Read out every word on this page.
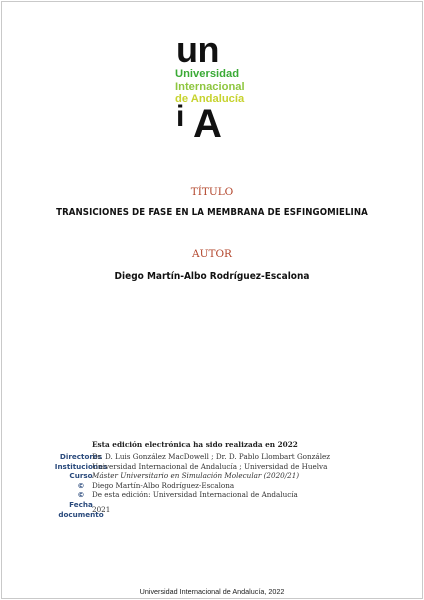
un
Universidad
Internacional
de Andalucía
i A
TÍTULO
TRANSICIONES DE FASE EN LA MEMBRANA DE ESFINGOMIELINA
AUTOR
Diego Martín-Albo Rodríguez-Escalona
Esta edición electrónica ha sido realizada en 2022
Directores
Instituciones
Curso
©
©
Fecha
documento
Dr. D. Luis González MacDowell ; Dr. D. Pablo Llombart González
Universidad Internacional de Andalucía ; Universidad de Huelva
Máster Universitario en Simulación Molecular (2020/21)
Diego Martín-Albo Rodríguez-Escalona
De esta edición: Universidad Internacional de Andalucía
2021
Universidad Internacional de Andalucía, 2022
